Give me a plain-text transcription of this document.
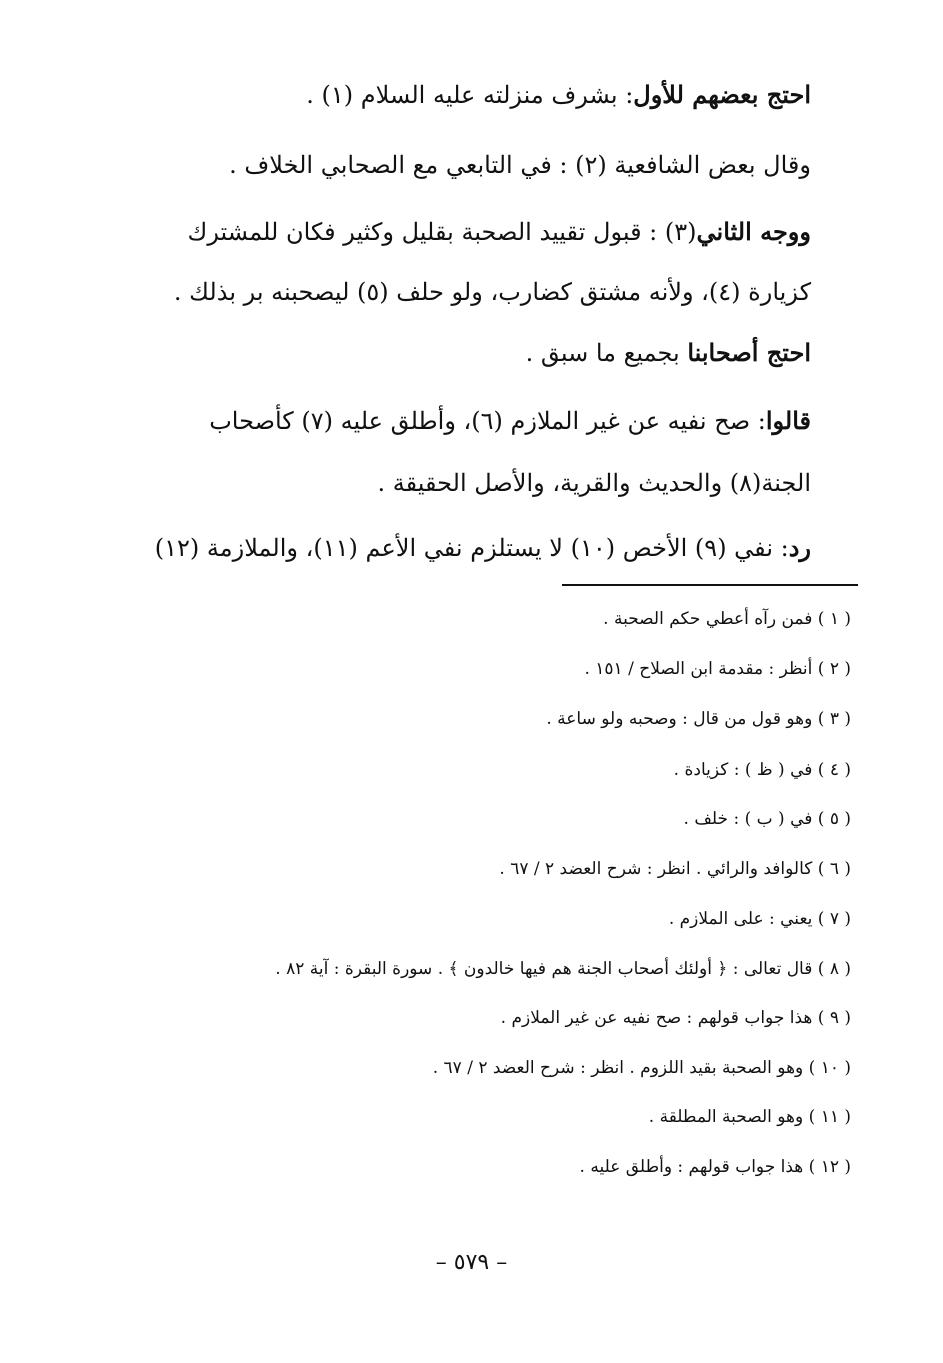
احتج بعضهم للأول: بشرف منزلته عليه السلام (١) .
وقال بعض الشافعية (٢) : في التابعي مع الصحابي الخلاف .
ووجه الثاني(٣) : قبول تقييد الصحبة بقليل وكثير فكان للمشترك
كزيارة (٤)، ولأنه مشتق كضارب، ولو حلف (٥) ليصحبنه بر بذلك .
احتج أصحابنا بجميع ما سبق .
قالوا: صح نفيه عن غير الملازم (٦)، وأطلق عليه (٧) كأصحاب
الجنة(٨) والحديث والقرية، والأصل الحقيقة .
رد: نفي (٩) الأخص (١٠) لا يستلزم نفي الأعم (١١)، والملازمة (١٢)
( ١ ) فمن رآه أعطي حكم الصحبة .
( ٢ ) أنظر : مقدمة ابن الصلاح / ١٥١ .
( ٣ ) وهو قول من قال : وصحبه ولو ساعة .
( ٤ ) في ( ظ ) : كزيادة .
( ٥ ) في ( ب ) : خلف .
( ٦ ) كالوافد والرائي . انظر : شرح العضد ٢ / ٦٧ .
( ٧ ) يعني : على الملازم .
( ٨ ) قال تعالى : ﴿ أولئك أصحاب الجنة هم فيها خالدون ﴾ . سورة البقرة : آية ٨٢ .
( ٩ ) هذا جواب قولهم : صح نفيه عن غير الملازم .
( ١٠ ) وهو الصحبة بقيد اللزوم . انظر : شرح العضد ٢ / ٦٧ .
( ١١ ) وهو الصحبة المطلقة .
( ١٢ ) هذا جواب قولهم : وأطلق عليه .
– ٥٧٩ –
